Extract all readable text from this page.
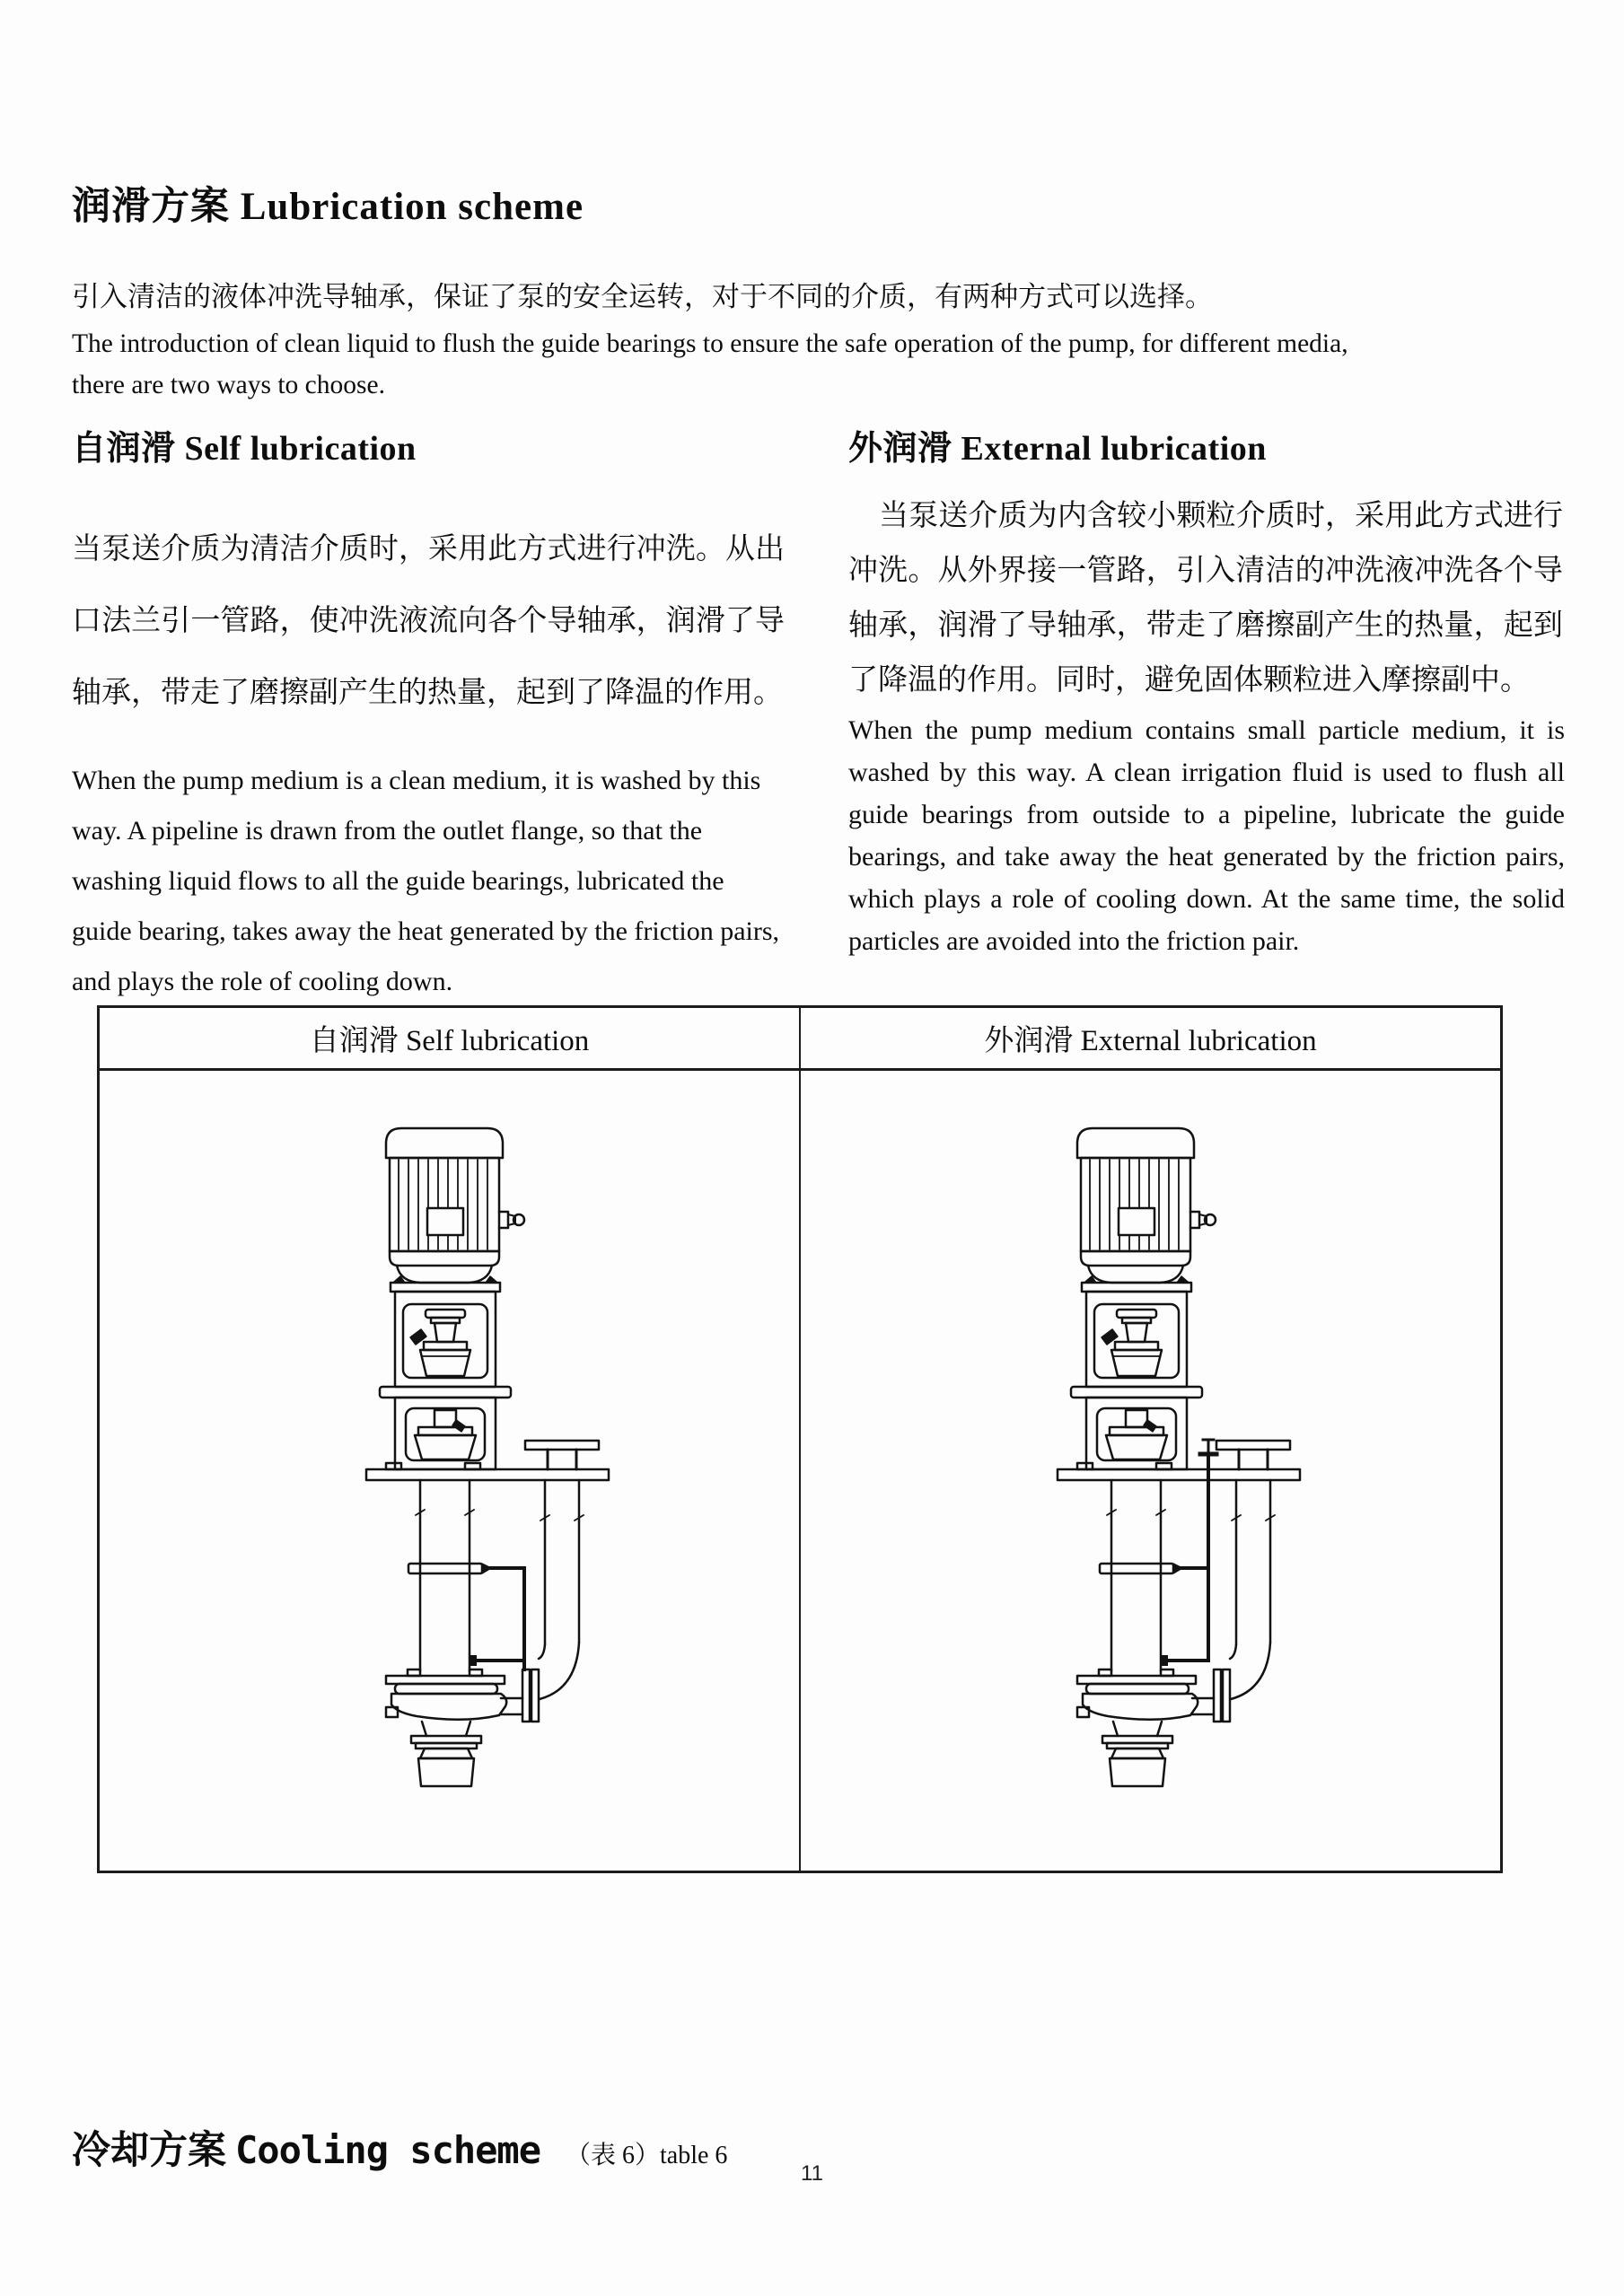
润滑方案 Lubrication scheme

引入清洁的液体冲洗导轴承，保证了泵的安全运转，对于不同的介质，有两种方式可以选择。

The introduction of clean liquid to flush the guide bearings to ensure the safe operation of the pump, for different media, there are two ways to choose.

自润滑 Self lubrication	外润滑 External lubrication

当泵送介质为清洁介质时，采用此方式进行冲洗。从出口法兰引一管路，使冲洗液流向各个导轴承，润滑了导轴承，带走了磨擦副产生的热量，起到了降温的作用。

When the pump medium is a clean medium, it is washed by this way. A pipeline is drawn from the outlet flange, so that the washing liquid flows to all the guide bearings, lubricated the guide bearing, takes away the heat generated by the friction pairs, and plays the role of cooling down.

当泵送介质为内含较小颗粒介质时，采用此方式进行冲洗。从外界接一管路，引入清洁的冲洗液冲洗各个导轴承，润滑了导轴承，带走了磨擦副产生的热量，起到了降温的作用。同时，避免固体颗粒进入摩擦副中。

When the pump medium contains small particle medium, it is washed by this way. A clean irrigation fluid is used to flush all guide bearings from outside to a pipeline, lubricate the guide bearings, and take away the heat generated by the friction pairs, which plays a role of cooling down. At the same time, the solid particles are avoided into the friction pair.

自润滑 Self lubrication	外润滑 External lubrication
冷却方案 Cooling scheme （表 6）table 6
11
